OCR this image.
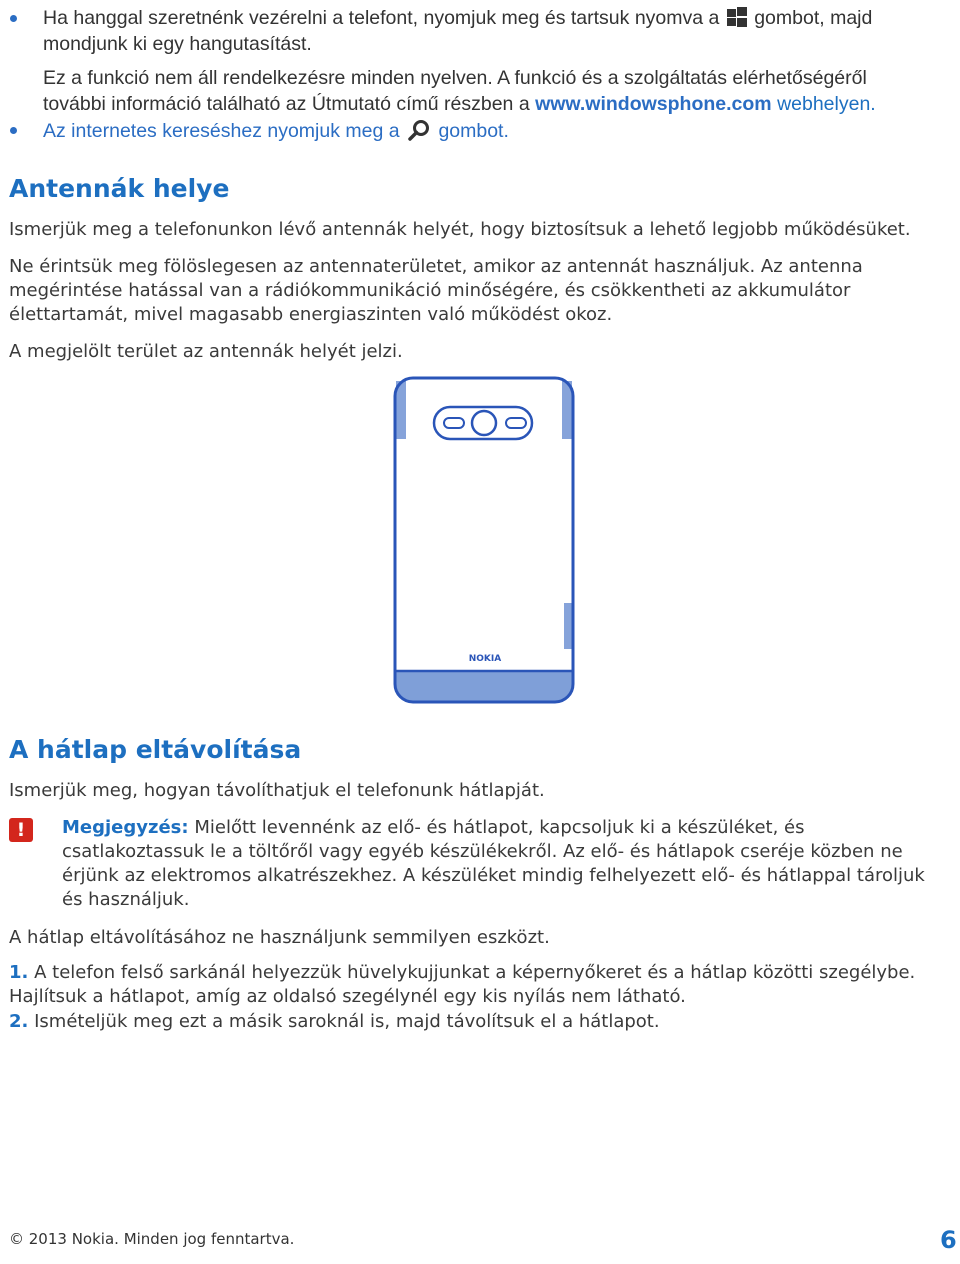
Ha hanggal szeretnénk vezérelni a telefont, nyomjuk meg és tartsuk nyomva a gombot, majd
mondjunk ki egy hangutasítást.
Ez a funkció nem áll rendelkezésre minden nyelven. A funkció és a szolgáltatás elérhetőségéről
további információ található az Útmutató című részben a www.windowsphone.com webhelyen.
Az internetes kereséshez nyomjuk meg a gombot.
Antennák helye
Ismerjük meg a telefonunkon lévő antennák helyét, hogy biztosítsuk a lehető legjobb működésüket.
Ne érintsük meg fölöslegesen az antennaterületet, amikor az antennát használjuk. Az antenna
megérintése hatással van a rádiókommunikáció minőségére, és csökkentheti az akkumulátor
élettartamát, mivel magasabb energiaszinten való működést okoz.
A megjelölt terület az antennák helyét jelzi.
NOKIA
A hátlap eltávolítása
Ismerjük meg, hogyan távolíthatjuk el telefonunk hátlapját.
!	Megjegyzés: Mielőtt levennénk az elő- és hátlapot, kapcsoljuk ki a készüléket, és
csatlakoztassuk le a töltőről vagy egyéb készülékekről. Az elő- és hátlapok cseréje közben ne
érjünk az elektromos alkatrészekhez. A készüléket mindig felhelyezett elő- és hátlappal tároljuk
és használjuk.
A hátlap eltávolításához ne használjunk semmilyen eszközt.
1. A telefon felső sarkánál helyezzük hüvelykujjunkat a képernyőkeret és a hátlap közötti szegélybe.
Hajlítsuk a hátlapot, amíg az oldalsó szegélynél egy kis nyílás nem látható.
2. Ismételjük meg ezt a másik saroknál is, majd távolítsuk el a hátlapot.
© 2013 Nokia. Minden jog fenntartva.	6
